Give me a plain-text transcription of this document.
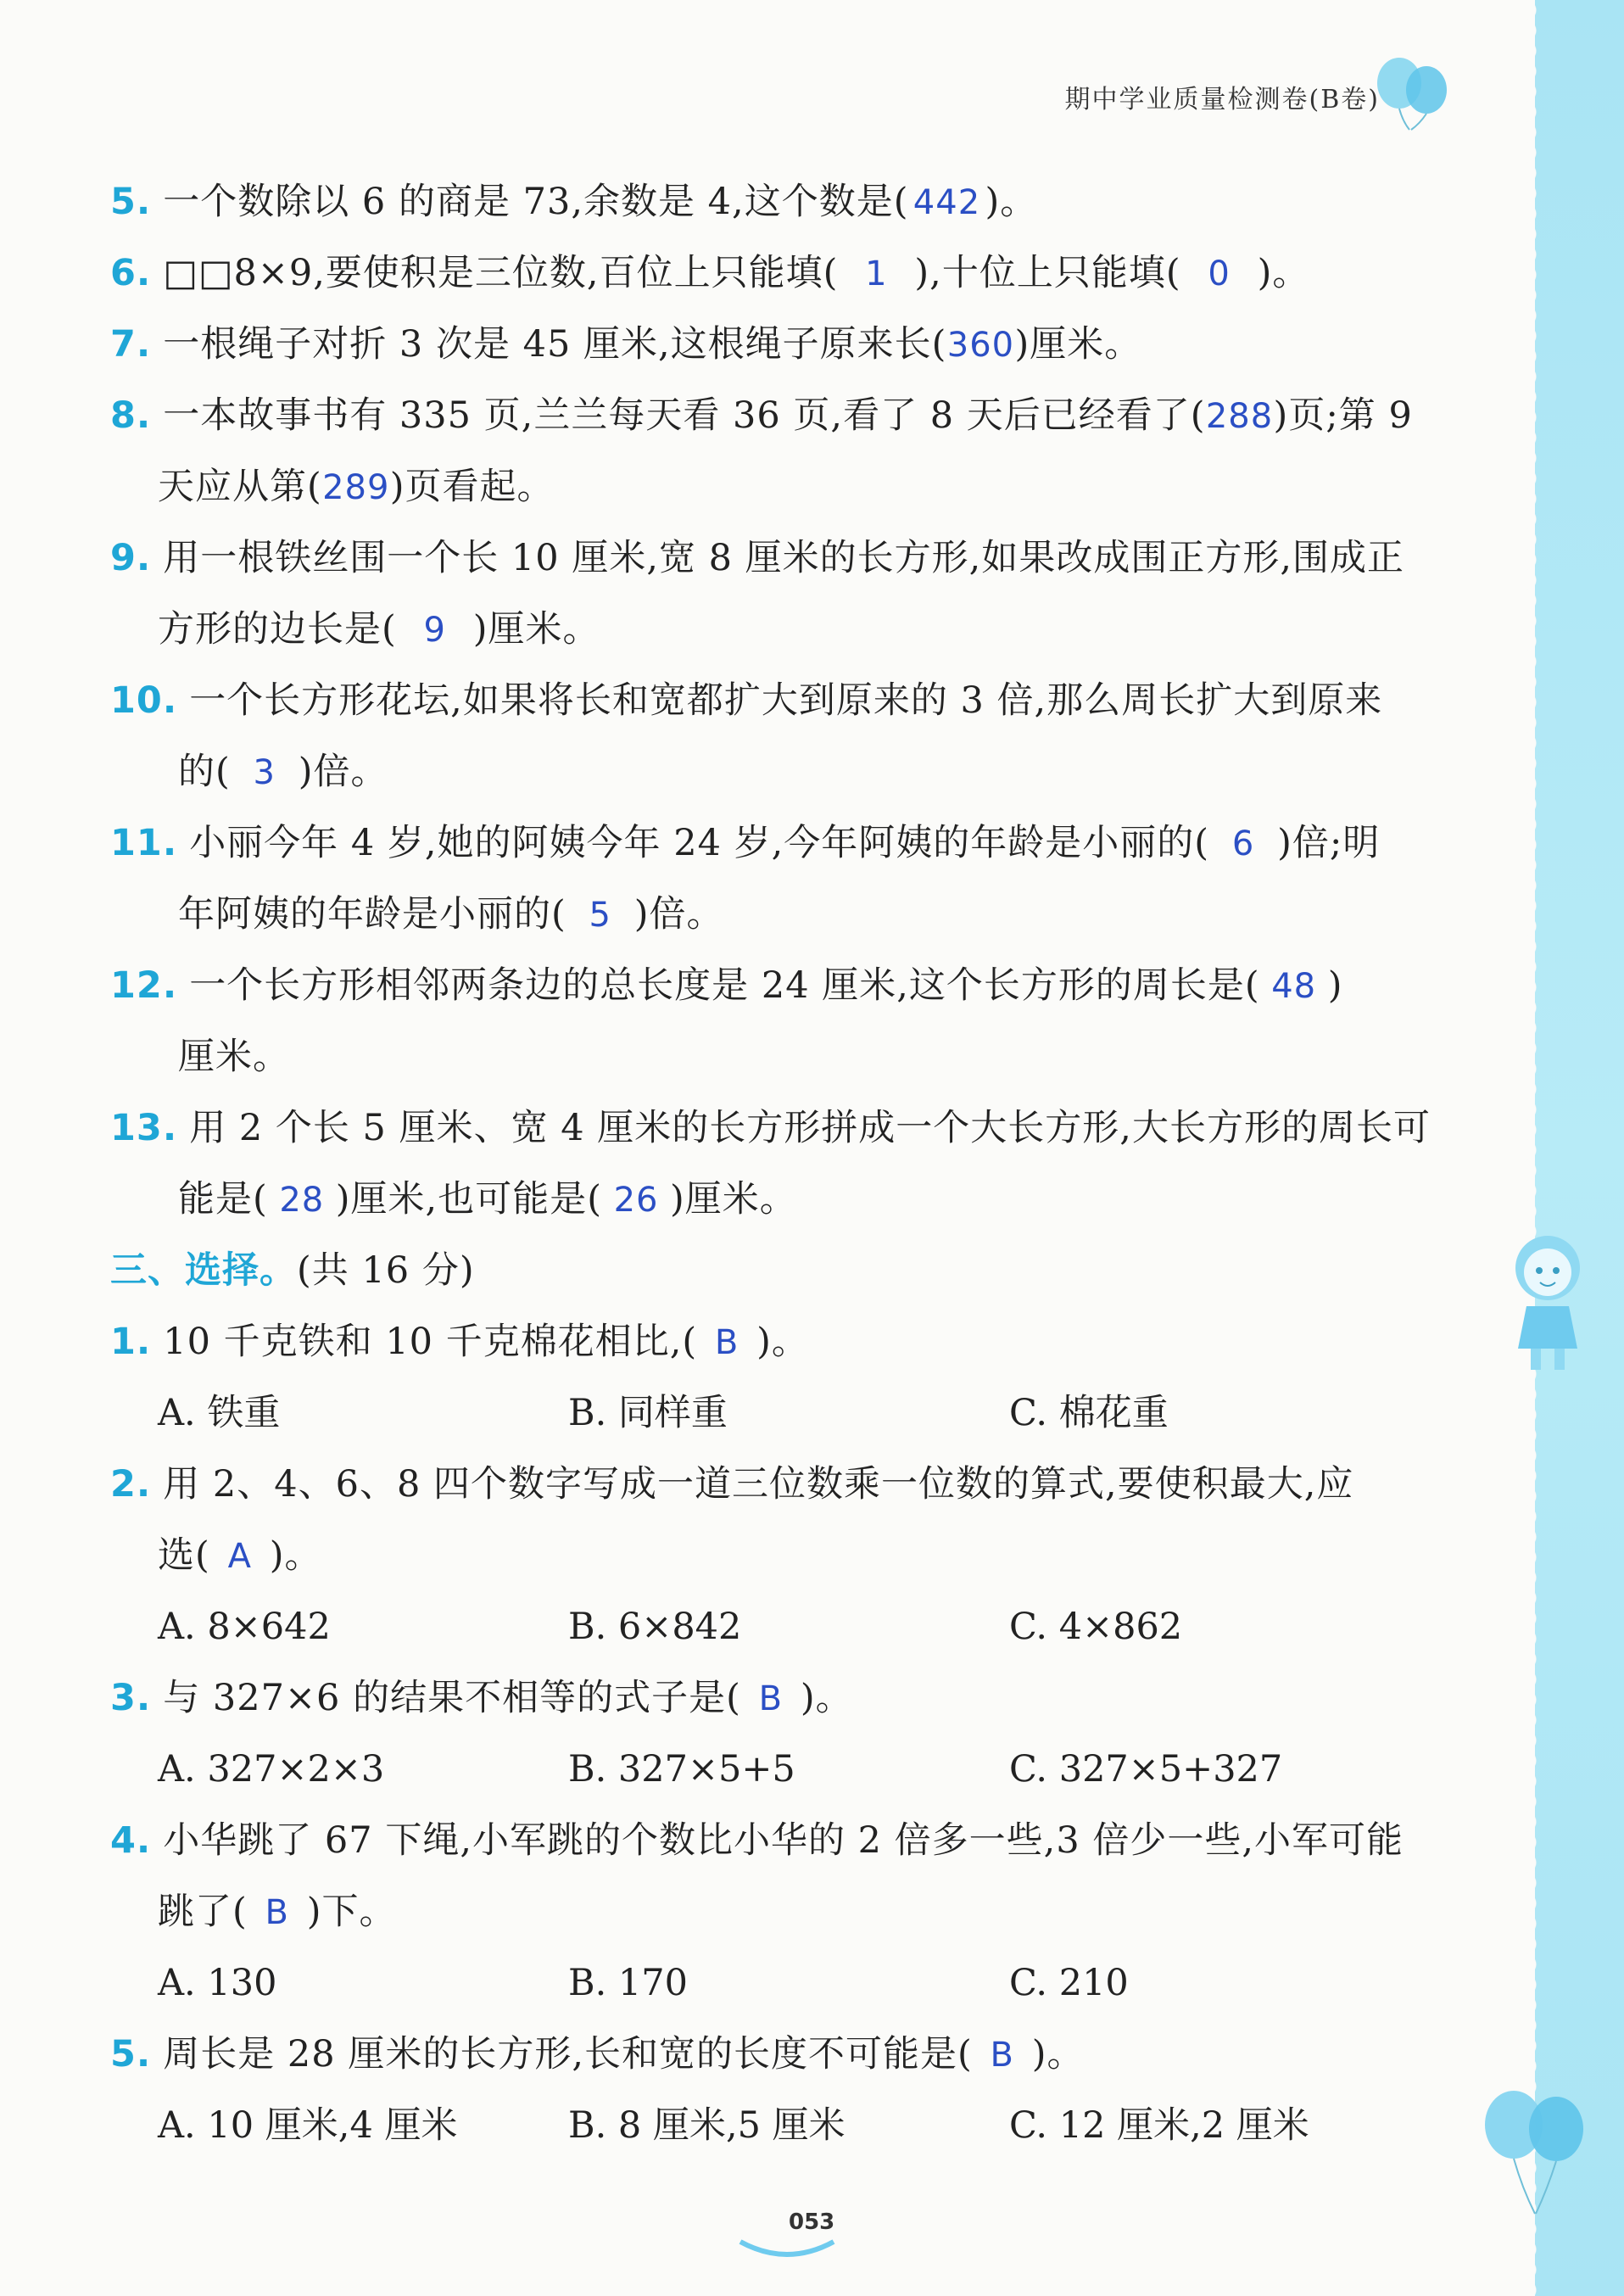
期中学业质量检测卷(B卷)
5. 一个数除以 6 的商是 73,余数是 4,这个数是( 442 )。
6. □□8×9,要使积是三位数,百位上只能填( 1 ),十位上只能填( 0 )。
7. 一根绳子对折 3 次是 45 厘米,这根绳子原来长(360)厘米。
8. 一本故事书有 335 页,兰兰每天看 36 页,看了 8 天后已经看了(288)页;第 9
天应从第(289)页看起。
9. 用一根铁丝围一个长 10 厘米,宽 8 厘米的长方形,如果改成围正方形,围成正
方形的边长是( 9 )厘米。
10. 一个长方形花坛,如果将长和宽都扩大到原来的 3 倍,那么周长扩大到原来
的( 3 )倍。
11. 小丽今年 4 岁,她的阿姨今年 24 岁,今年阿姨的年龄是小丽的( 6 )倍;明
年阿姨的年龄是小丽的( 5 )倍。
12. 一个长方形相邻两条边的总长度是 24 厘米,这个长方形的周长是( 48 )
厘米。
13. 用 2 个长 5 厘米、宽 4 厘米的长方形拼成一个大长方形,大长方形的周长可
能是( 28 )厘米,也可能是( 26 )厘米。
三、选择。(共 16 分)
1. 10 千克铁和 10 千克棉花相比,( B )。
A. 铁重	B. 同样重	C. 棉花重
2. 用 2、4、6、8 四个数字写成一道三位数乘一位数的算式,要使积最大,应
选( A )。
A. 8×642	B. 6×842	C. 4×862
3. 与 327×6 的结果不相等的式子是( B )。
A. 327×2×3	B. 327×5+5	C. 327×5+327
4. 小华跳了 67 下绳,小军跳的个数比小华的 2 倍多一些,3 倍少一些,小军可能
跳了( B )下。
A. 130	B. 170	C. 210
5. 周长是 28 厘米的长方形,长和宽的长度不可能是( B )。
A. 10 厘米,4 厘米	B. 8 厘米,5 厘米	C. 12 厘米,2 厘米
053
